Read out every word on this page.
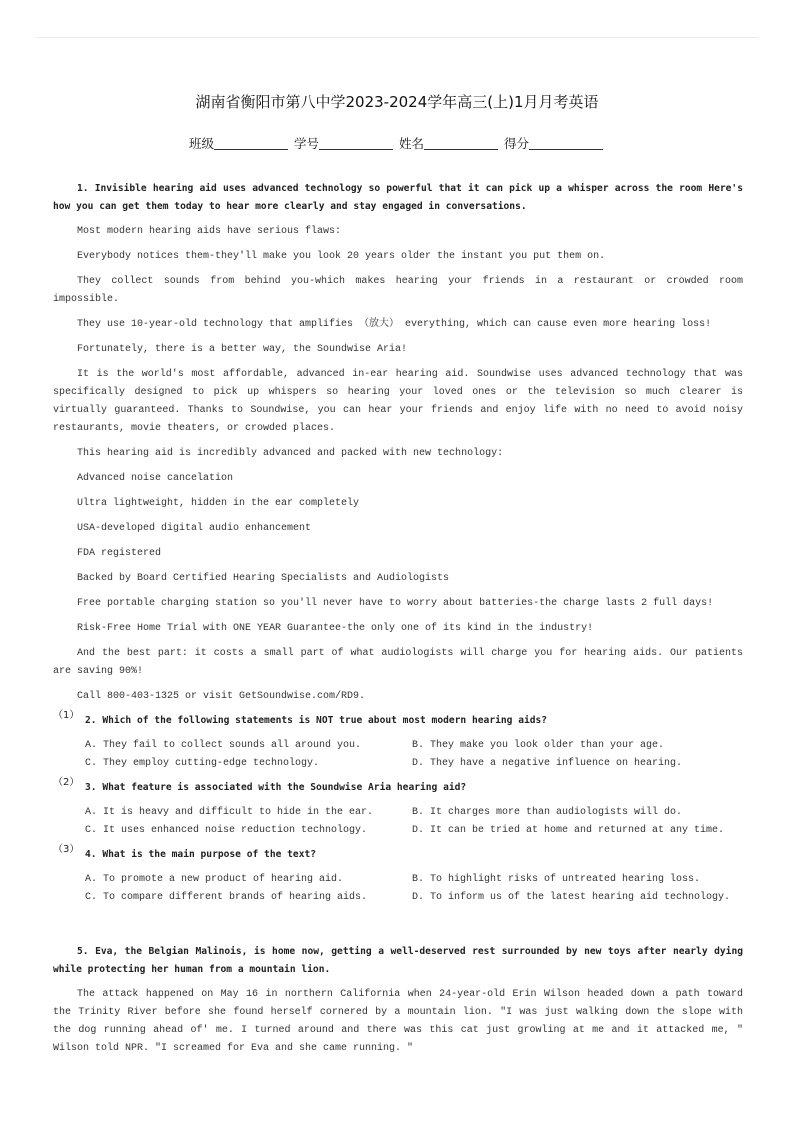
湖南省衡阳市第八中学2023-2024学年高三(上)1月月考英语
班级	学号	姓名	得分

1. Invisible hearing aid uses advanced technology so powerful that it can pick up a whisper across the room Here's how you can get them today to hear more clearly and stay engaged in conversations.

Most modern hearing aids have serious flaws:

Everybody notices them-they'll make you look 20 years older the instant you put them on.

They collect sounds from behind you-which makes hearing your friends in a restaurant or crowded room impossible.

They use 10-year-old technology that amplifies （放大） everything, which can cause even more hearing loss!

Fortunately, there is a better way, the Soundwise Aria!

It is the world's most affordable, advanced in-ear hearing aid. Soundwise uses advanced technology that was specifically designed to pick up whispers so hearing your loved ones or the television so much clearer is virtually guaranteed. Thanks to Soundwise, you can hear your friends and enjoy life with no need to avoid noisy restaurants, movie theaters, or crowded places.

This hearing aid is incredibly advanced and packed with new technology:

Advanced noise cancelation

Ultra lightweight, hidden in the ear completely

USA-developed digital audio enhancement

FDA registered

Backed by Board Certified Hearing Specialists and Audiologists

Free portable charging station so you'll never have to worry about batteries-the charge lasts 2 full days!

Risk-Free Home Trial with ONE YEAR Guarantee-the only one of its kind in the industry!

And the best part: it costs a small part of what audiologists will charge you for hearing aids. Our patients are saving 90%!

Call 800-403-1325 or visit GetSoundwise.com/RD9.

（1） 2. Which of the following statements is NOT true about most modern hearing aids?
A. They fail to collect sounds all around you.	B. They make you look older than your age.
C. They employ cutting-edge technology.	D. They have a negative influence on hearing.
（2） 3. What feature is associated with the Soundwise Aria hearing aid?
A. It is heavy and difficult to hide in the ear.	B. It charges more than audiologists will do.
C. It uses enhanced noise reduction technology.	D. It can be tried at home and returned at any time.
（3） 4. What is the main purpose of the text?
A. To promote a new product of hearing aid.	B. To highlight risks of untreated hearing loss.
C. To compare different brands of hearing aids.	D. To inform us of the latest hearing aid technology.

5. Eva, the Belgian Malinois, is home now, getting a well-deserved rest surrounded by new toys after nearly dying while protecting her human from a mountain lion.

The attack happened on May 16 in northern California when 24-year-old Erin Wilson headed down a path toward the Trinity River before she found herself cornered by a mountain lion. "I was just walking down the slope with the dog running ahead of' me. I turned around and there was this cat just growling at me and it attacked me, " Wilson told NPR. "I screamed for Eva and she came running. "
